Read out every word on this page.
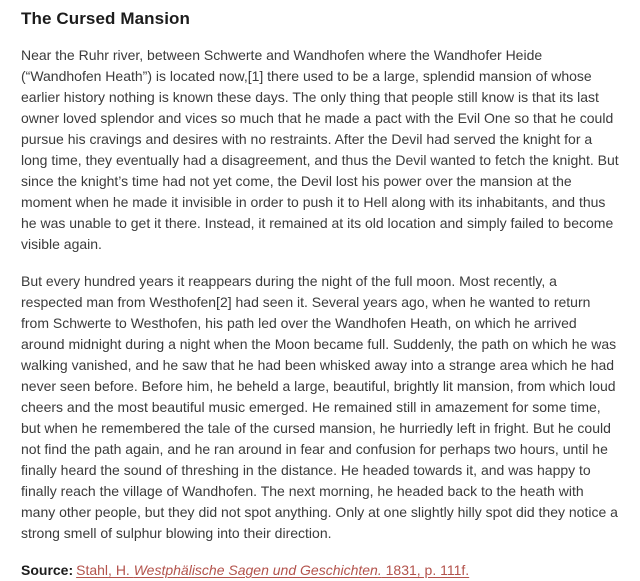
The Cursed Mansion

Near the Ruhr river, between Schwerte and Wandhofen where the Wandhofer Heide (“Wandhofen Heath”) is located now,[1] there used to be a large, splendid mansion of whose earlier history nothing is known these days. The only thing that people still know is that its last owner loved splendor and vices so much that he made a pact with the Evil One so that he could pursue his cravings and desires with no restraints. After the Devil had served the knight for a long time, they eventually had a disagreement, and thus the Devil wanted to fetch the knight. But since the knight’s time had not yet come, the Devil lost his power over the mansion at the moment when he made it invisible in order to push it to Hell along with its inhabitants, and thus he was unable to get it there. Instead, it remained at its old location and simply failed to become visible again.

But every hundred years it reappears during the night of the full moon. Most recently, a respected man from Westhofen[2] had seen it. Several years ago, when he wanted to return from Schwerte to Westhofen, his path led over the Wandhofen Heath, on which he arrived around midnight during a night when the Moon became full. Suddenly, the path on which he was walking vanished, and he saw that he had been whisked away into a strange area which he had never seen before. Before him, he beheld a large, beautiful, brightly lit mansion, from which loud cheers and the most beautiful music emerged. He remained still in amazement for some time, but when he remembered the tale of the cursed mansion, he hurriedly left in fright. But he could not find the path again, and he ran around in fear and confusion for perhaps two hours, until he finally heard the sound of threshing in the distance. He headed towards it, and was happy to finally reach the village of Wandhofen. The next morning, he headed back to the heath with many other people, but they did not spot anything. Only at one slightly hilly spot did they notice a strong smell of sulphur blowing into their direction.

Source: Stahl, H. Westphälische Sagen und Geschichten. 1831, p. 111f.
